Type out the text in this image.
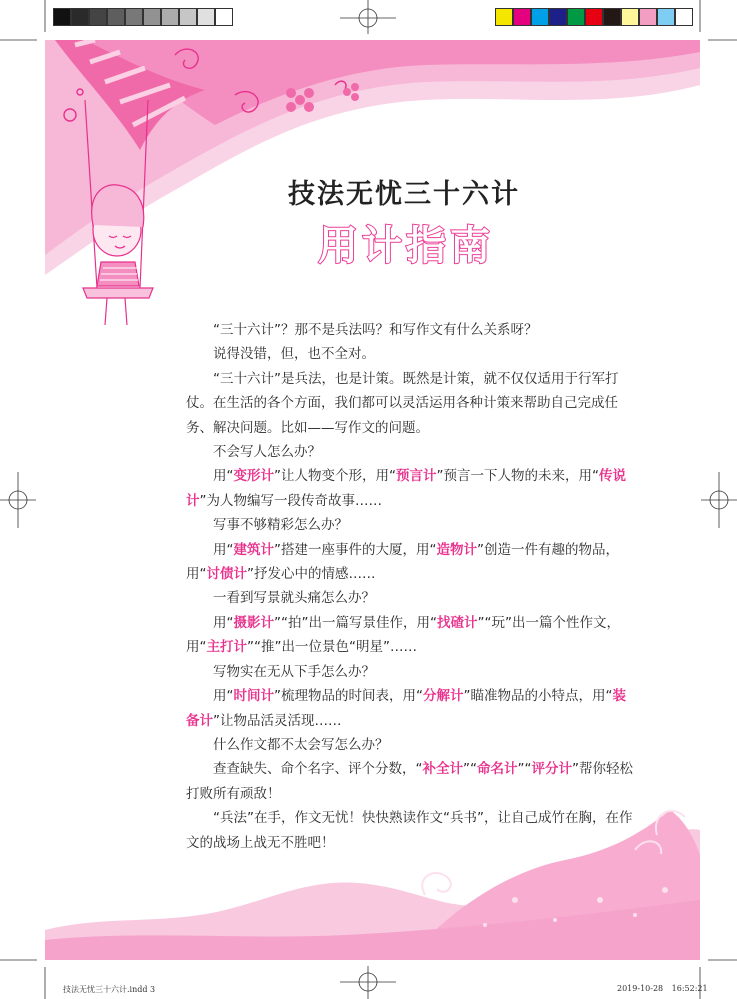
技法无忧三十六计
用计指南

“三十六计”？那不是兵法吗？和写作文有什么关系呀？

说得没错，但，也不全对。

“三十六计”是兵法，也是计策。既然是计策，就不仅仅适用于行军打仗。在生活的各个方面，我们都可以灵活运用各种计策来帮助自己完成任务、解决问题。比如——写作文的问题。

不会写人怎么办？

用“变形计”让人物变个形，用“预言计”预言一下人物的未来，用“传说计”为人物编写一段传奇故事……

写事不够精彩怎么办？

用“建筑计”搭建一座事件的大厦，用“造物计”创造一件有趣的物品，用“讨债计”抒发心中的情感……

一看到写景就头痛怎么办？

用“摄影计”“拍”出一篇写景佳作，用“找碴计”“玩”出一篇个性作文，用“主打计”“推”出一位景色“明星”……

写物实在无从下手怎么办？

用“时间计”梳理物品的时间表，用“分解计”瞄准物品的小特点，用“装备计”让物品活灵活现……

什么作文都不太会写怎么办？

查查缺失、命个名字、评个分数，“补全计”“命名计”“评分计”帮你轻松打败所有顽敌！

“兵法”在手，作文无忧！快快熟读作文“兵书”，让自己成竹在胸，在作文的战场上战无不胜吧！

技法无忧三十六计.indd 3	2019-10-28 16:52:21
